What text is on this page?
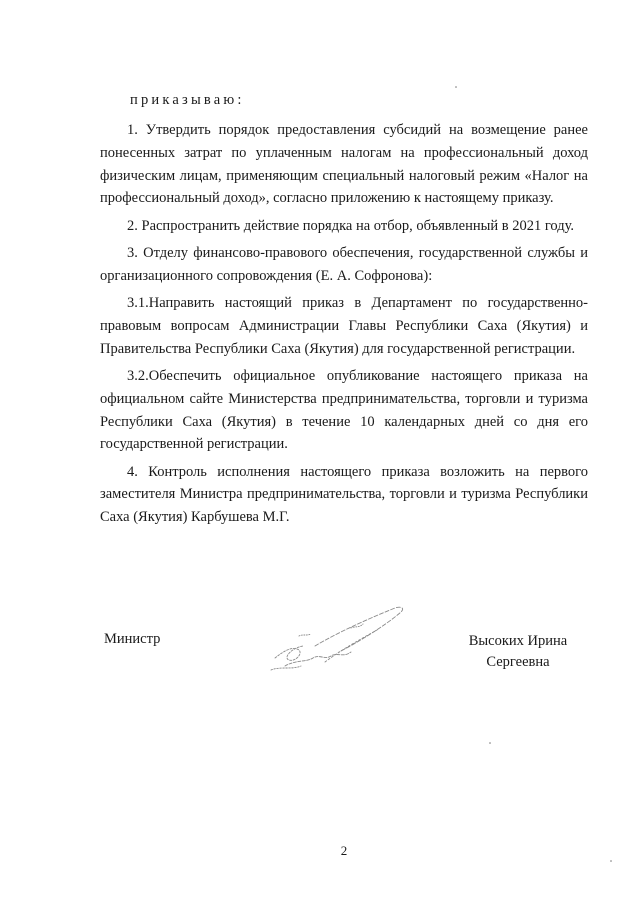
приказываю:

1. Утвердить порядок предоставления субсидий на возмещение ранее понесенных затрат по уплаченным налогам на профессиональный доход физическим лицам, применяющим специальный налоговый режим «Налог на профессиональный доход», согласно приложению к настоящему приказу.

2. Распространить действие порядка на отбор, объявленный в 2021 году.

3. Отделу финансово-правового обеспечения, государственной службы и организационного сопровождения (Е. А. Софронова):

3.1.Направить настоящий приказ в Департамент по государственно-правовым вопросам Администрации Главы Республики Саха (Якутия) и Правительства Республики Саха (Якутия) для государственной регистрации.

3.2.Обеспечить официальное опубликование настоящего приказа на официальном сайте Министерства предпринимательства, торговли и туризма Республики Саха (Якутия) в течение 10 календарных дней со дня его государственной регистрации.

4. Контроль исполнения настоящего приказа возложить на первого заместителя Министра предпринимательства, торговли и туризма Республики Саха (Якутия) Карбушева М.Г.

Министр	Высоких Ирина
Сергеевна
2
